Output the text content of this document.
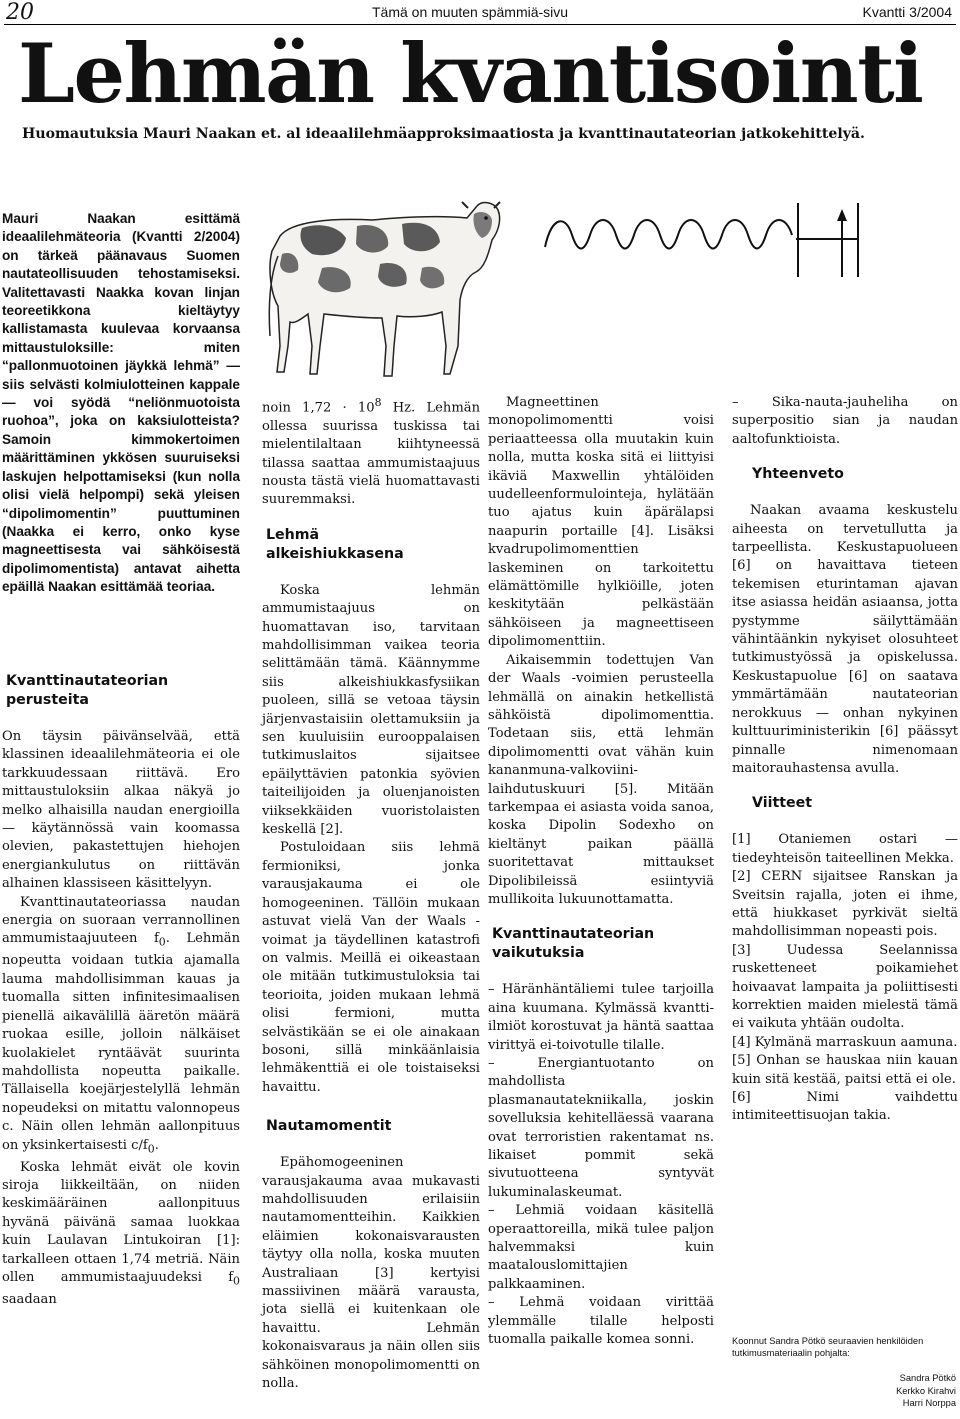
20	Tämä on muuten spämmiä-sivu	Kvantti 3/2004
Lehmän kvantisointi
Huomautuksia Mauri Naakan et. al ideaalilehmäapproksimaatiosta ja kvanttinautateorian jatkokehittelyä.
Mauri Naakan esittämä ideaalilehmäteoria (Kvantti 2/2004) on tärkeä päänavaus Suomen nautateollisuuden tehostamiseksi. Valitettavasti Naakka kovan linjan teoreetikkona kieltäytyy kallistamasta kuulevaa korvaansa mittaustuloksille: miten “pallonmuotoinen jäykkä lehmä” — siis selvästi kolmiulotteinen kappale — voi syödä “neliönmuotoista ruohoa”, joka on kaksiulotteista? Samoin kimmokertoimen määrittäminen ykkösen suuruiseksi laskujen helpottamiseksi (kun nolla olisi vielä helpompi) sekä yleisen “dipolimomentin” puuttuminen (Naakka ei kerro, onko kyse magneettisesta vai sähköisestä dipolimomentista) antavat aihetta epäillä Naakan esittämää teoriaa.
Kvanttinautateorian perusteita

On täysin päivänselvää, että klassinen ideaalilehmäteoria ei ole tarkkuudessaan riittävä. Ero mittaustuloksiin alkaa näkyä jo melko alhaisilla naudan energioilla — käytännössä vain koomassa olevien, pakastettujen hiehojen energiankulutus on riittävän alhainen klassiseen käsittelyyn.

Kvanttinautateoriassa naudan energia on suoraan verrannollinen ammumistaajuuteen $f_0$. Lehmän nopeutta voidaan tutkia ajamalla lauma mahdollisimman kauas ja tuomalla sitten infinitesimaalisen pienellä aikavälillä ääretön määrä ruokaa esille, jolloin nälkäiset kuolakielet ryntäävät suurinta mahdollista nopeutta paikalle. Tällaisella koejärjestelyllä lehmän nopeudeksi on mitattu valonnopeus c. Näin ollen lehmän aallonpituus on yksinkertaisesti $c/f_0$.

Koska lehmät eivät ole kovin siroja liikkeiltään, on niiden keskimääräinen aallonpituus hyvänä päivänä samaa luokkaa kuin Laulavan Lintukoiran [1]: tarkalleen ottaen 1,74 metriä. Näin ollen ammumistaajuudeksi $f_0$ saadaan

noin $1,72 \cdot 10^8$ Hz. Lehmän ollessa suurissa tuskissa tai mielentilaltaan kiihtyneessä tilassa saattaa ammumistaajuus nousta tästä vielä huomattavasti suuremmaksi.

Lehmä alkeishiukkasena

Koska lehmän ammumistaajuus on huomattavan iso, tarvitaan mahdollisimman vaikea teoria selittämään tämä. Käännymme siis alkeishiukkasfysiikan puoleen, sillä se vetoaa täysin järjenvastaisiin olettamuksiin ja sen kuuluisiin eurooppalaisen tutkimuslaitos sijaitsee epäilyttävien patonkia syövien taiteilijoiden ja oluenjanoisten viiksekkäiden vuoristolaisten keskellä [2].

Postuloidaan siis lehmä fermioniksi, jonka varausjakauma ei ole homogeeninen. Tällöin mukaan astuvat vielä Van der Waals -voimat ja täydellinen katastrofi on valmis. Meillä ei oikeastaan ole mitään tutkimustuloksia tai teorioita, joiden mukaan lehmä olisi fermioni, mutta selvästikään se ei ole ainakaan bosoni, sillä minkäänlaisia lehmäkenttiä ei ole toistaiseksi havaittu.

Nautamomentit

Epähomogeeninen varausjakauma avaa mukavasti mahdollisuuden erilaisiin nautamomentteihin. Kaikkien eläimien kokonaisvarausten täytyy olla nolla, koska muuten Australiaan [3] kertyisi massiivinen määrä varausta, jota siellä ei kuitenkaan ole havaittu. Lehmän kokonaisvaraus ja näin ollen siis sähköinen monopolimomentti on nolla.

Magneettinen monopolimomentti voisi periaatteessa olla muutakin kuin nolla, mutta koska sitä ei liittyisi ikäviä Maxwellin yhtälöiden uudelleenformulointeja, hylätään tuo ajatus kuin äpärälapsi naapurin portaille [4]. Lisäksi kvadrupolimomenttien laskeminen on tarkoitettu elämättömille hylkiöille, joten keskitytään pelkästään sähköiseen ja magneettiseen dipolimomenttiin.

Aikaisemmin todettujen Van der Waals -voimien perusteella lehmällä on ainakin hetkellistä sähköistä dipolimomenttia. Todetaan siis, että lehmän dipolimomentti ovat vähän kuin kananmuna-valkoviini-laihdutuskuuri [5]. Mitään tarkempaa ei asiasta voida sanoa, koska Dipolin Sodexho on kieltänyt paikan päällä suoritettavat mittaukset Dipolibileissä esiintyviä mullikoita lukuunottamatta.

Kvanttinautateorian vaikutuksia

– Häränhäntäliemi tulee tarjoilla aina kuumana. Kylmässä kvantti-ilmiöt korostuvat ja häntä saattaa virittyä ei-toivotulle tilalle.

– Energiantuotanto on mahdollista plasmanautatekniikalla, joskin sovelluksia kehitelläessä vaarana ovat terroristien rakentamat ns. likaiset pommit sekä sivutuotteena syntyvät lukuminalaskeumat.

– Lehmiä voidaan käsitellä operaattoreilla, mikä tulee paljon halvemmaksi kuin maatalouslomittajien palkkaaminen.

– Lehmä voidaan virittää ylemmälle tilalle helposti tuomalla paikalle komea sonni.

– Sika-nauta-jauheliha on superpositio sian ja naudan aaltofunktioista.

Yhteenveto

Naakan avaama keskustelu aiheesta on tervetullutta ja tarpeellista. Keskustapuolueen [6] on havaittava tieteen tekemisen eturintaman ajavan itse asiassa heidän asiaansa, jotta pystymme säilyttämään vähintäänkin nykyiset olosuhteet tutkimustyössä ja opiskelussa. Keskustapuolue [6] on saatava ymmärtämään nautateorian nerokkuus — onhan nykyinen kulttuuriministerikin [6] päässyt pinnalle nimenomaan maitorauhastensa avulla.

Viitteet

[1] Otaniemen ostari — tiedeyhteisön taiteellinen Mekka.

[2] CERN sijaitsee Ranskan ja Sveitsin rajalla, joten ei ihme, että hiukkaset pyrkivät sieltä mahdollisimman nopeasti pois.

[3] Uudessa Seelannissa rusketteneet poikamiehet hoivaavat lampaita ja poliittisesti korrektien maiden mielestä tämä ei vaikuta yhtään oudolta.

[4] Kylmänä marraskuun aamuna.

[5] Onhan se hauskaa niin kauan kuin sitä kestää, paitsi että ei ole.

[6] Nimi vaihdettu intimiteettisuojan takia.

Koonnut Sandra Pötkö seuraavien henkilöiden tutkimusmateriaalin pohjalta:
Sandra Pötkö
Kerkko Kirahvi
Harri Norppa
